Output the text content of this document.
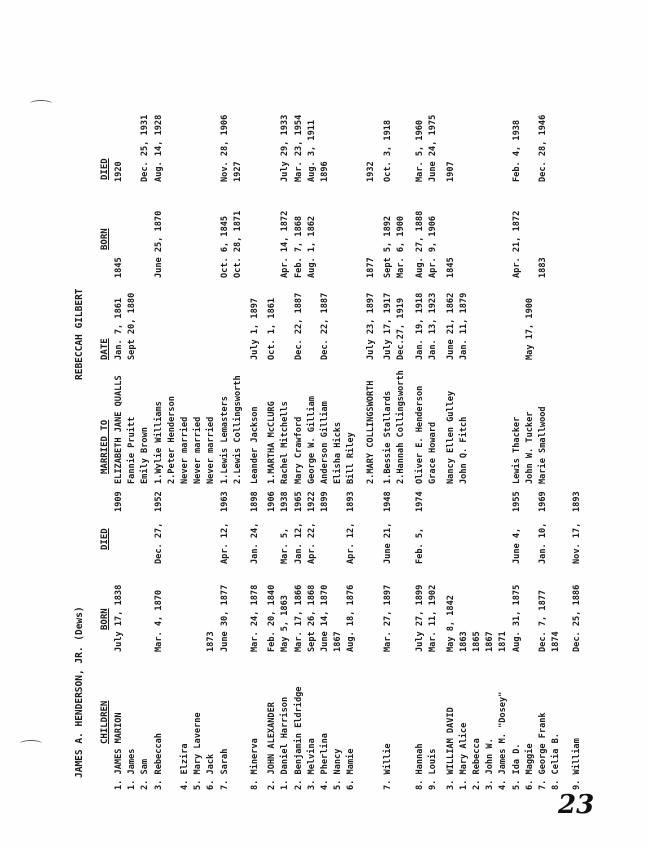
JAMES A. HENDERSON, JR. (Dews)
REBECCAH GILBERT
CHILDREN
BORN
DIED
MARRIED TO
DATE
BORN
DIED
1. JAMES MARION
July 17, 1838
1909
ELIZABETH JANE QUALLS
Jan. 7, 1861
1845
1920
1. James
Fannie Pruitt
Sept 20, 1880
2. Sam
Emily Brown
Dec. 25, 1931
3. Rebeccah
Mar. 4, 1870
Dec. 27,
1952
1.Wylie Williams
June 25, 1870
Aug. 14, 1928
2.Peter Henderson
4. Elzira
Never married
5. Mary Laverne
Never married
6. Jack
1873
Never married
7. Sarah
June 30, 1877
Apr. 12,
1963
1.Lewis Lemasters
Oct. 6, 1845
Nov. 28, 1906
2.Lewis Collingsworth
Oct. 28, 1871
1927
8. Minerva
Mar. 24, 1878
Jan. 24,
1898
Leander Jackson
July 1, 1897
2. JOHN ALEXANDER
Feb. 20, 1840
1906
1.MARTHA McCLURG
Oct. 1, 1861
1. Daniel Harrison
May 5, 1863
Mar. 5,
1938
Rachel Mitchells
Apr. 14, 1872
July 29, 1933
2. Benjamin Eldridge
Mar. 17, 1866
Jan. 12,
1965
Mary Crawford
Dec. 22, 1887
Feb. 7, 1868
Mar. 23, 1954
3. Melvina
Sept 26, 1868
Apr. 22,
1922
George W. Gilliam
Aug. 1, 1862
Aug. 3, 1911
4. Pherlina
June 14, 1870
1899
Anderson Gilliam
Dec. 22, 1887
1896
5. Nancy
1867
Elisha Hicks
6. Mamie
Aug. 18, 1876
Apr. 12,
1893
Bill Riley 2.MARY COLLINGSWORTH
July 23, 1897
1877
1932
7. Willie
Mar. 27, 1897
June 21,
1948
1.Bessie Stallards
July 17, 1917
Sept 5, 1892
Oct. 3, 1918
2.Hannah Collingsworth
Dec.27, 1919
Mar. 6, 1900
8. Hannah
July 27, 1899
Feb. 5,
1974
Oliver E. Henderson
Jan. 19, 1918
Aug. 27, 1888
Mar. 5, 1960
9. Louis
Mar. 11, 1902
Grace Howard
Jan. 13, 1923
Apr. 9, 1906
June 24, 1975
3. WILLIAM DAVID
May 8, 1842
Nancy Ellen Gulley
June 21, 1862
1845
1907
1. Mary Alice
1863
John Q. Fitch
Jan. 11, 1879
2. Rebecca
1865
3. John W.
1867
4. James M. "Dosey"
1871
5. Ida D.
Aug. 31, 1875
June 4,
1955
Lewis Thacker
Apr. 21, 1872
Feb. 4, 1938
6. Maggie
John W. Tucker
May 17, 1900
7. George Frank
Dec. 7, 1877
Jan. 10,
1969
Marie Smallwood
1883
Dec. 28, 1946
8. Celia B.
1874
9. William
Dec. 25, 1886
Nov. 17,
1893
23
